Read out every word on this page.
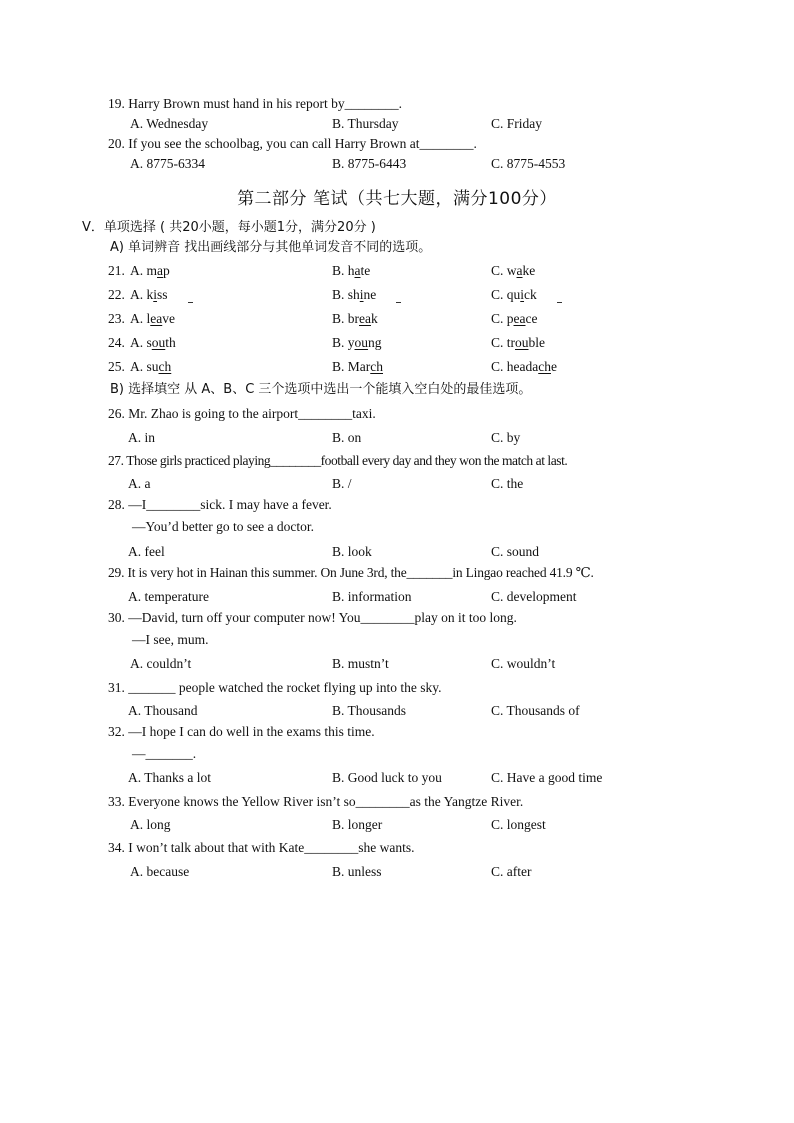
19. Harry Brown must hand in his report by________.
A. Wednesday	B. Thursday	C. Friday
20. If you see the schoolbag, you can call Harry Brown at________.
A. 8775-6334	B. 8775-6443	C. 8775-4553
第二部分 笔试（共七大题，满分100分）
V．单项选择 ( 共20小题，每小题1分，满分20分 )
A) 单词辨音 找出画线部分与其他单词发音不同的选项。
21. A. map	B. hate	C. wake
22. A. kiss	B. shine	C. quick
23. A. leave	B. break	C. peace
24. A. south	B. young	C. trouble
25. A. such	B. March	C. headache
B) 选择填空 从 A、B、C 三个选项中选出一个能填入空白处的最佳选项。
26. Mr. Zhao is going to the airport________taxi.
A. in	B. on	C. by
27. Those girls practiced playing________football every day and they won the match at last.
A. a	B. /	C. the
28. —I________sick. I may have a fever.
—You’d better go to see a doctor.
A. feel	B. look	C. sound
29. It is very hot in Hainan this summer. On June 3rd, the_______in Lingao reached 41.9 ℃.
A. temperature	B. information	C. development
30. —David, turn off your computer now! You________play on it too long.
—I see, mum.
A. couldn’t	B. mustn’t	C. wouldn’t
31. _______ people watched the rocket flying up into the sky.
A. Thousand	B. Thousands	C. Thousands of
32. —I hope I can do well in the exams this time.
—_______.
A. Thanks a lot	B. Good luck to you	C. Have a good time
33. Everyone knows the Yellow River isn’t so________as the Yangtze River.
A. long	B. longer	C. longest
34. I won’t talk about that with Kate________she wants.
A. because	B. unless	C. after
